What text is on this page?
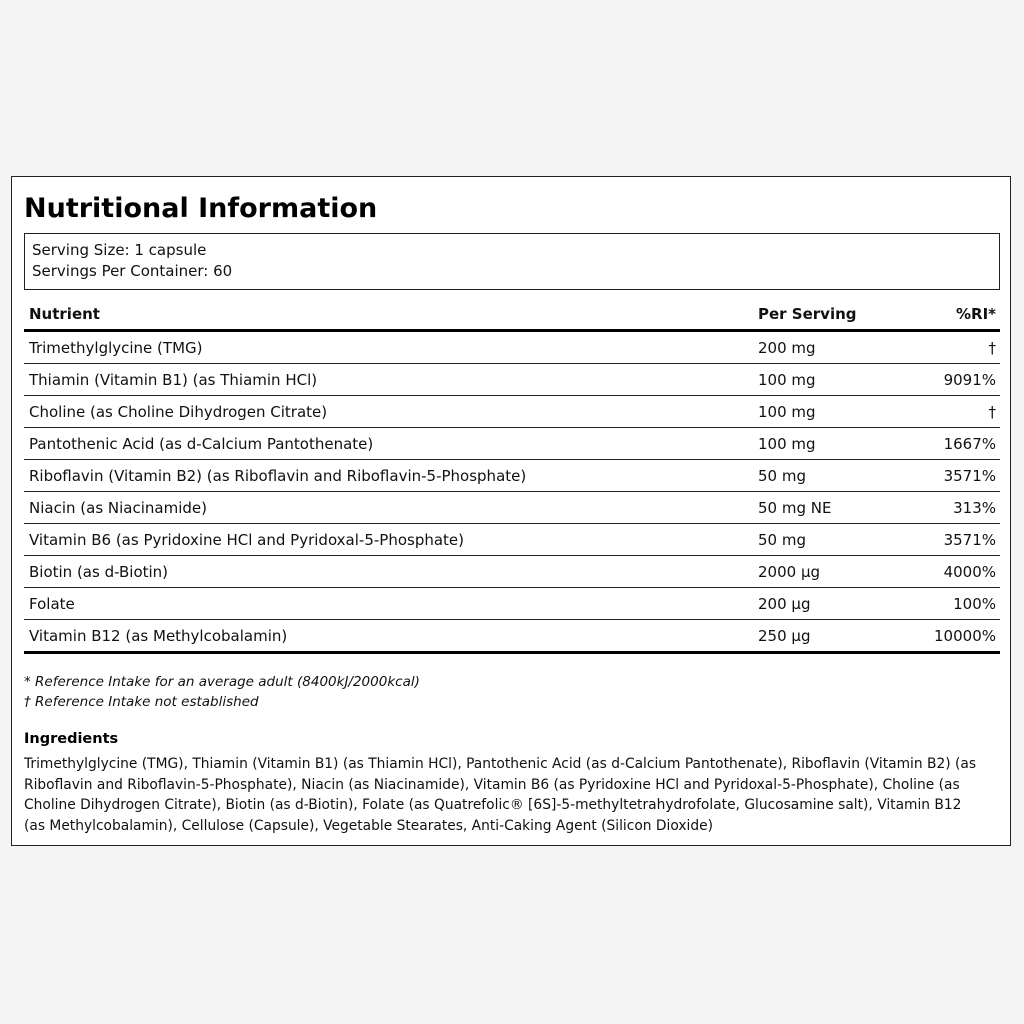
Nutritional Information
Serving Size: 1 capsule
Servings Per Container: 60
Nutrient	Per Serving	%RI*
Trimethylglycine (TMG)	200 mg	†
Thiamin (Vitamin B1) (as Thiamin HCl)	100 mg	9091%
Choline (as Choline Dihydrogen Citrate)	100 mg	†
Pantothenic Acid (as d-Calcium Pantothenate)	100 mg	1667%
Riboflavin (Vitamin B2) (as Riboflavin and Riboflavin-5-Phosphate)	50 mg	3571%
Niacin (as Niacinamide)	50 mg NE	313%
Vitamin B6 (as Pyridoxine HCl and Pyridoxal-5-Phosphate)	50 mg	3571%
Biotin (as d-Biotin)	2000 µg	4000%
Folate	200 µg	100%
Vitamin B12 (as Methylcobalamin)	250 µg	10000%
* Reference Intake for an average adult (8400kJ/2000kcal)
† Reference Intake not established
Ingredients
Trimethylglycine (TMG), Thiamin (Vitamin B1) (as Thiamin HCl), Pantothenic Acid (as d-Calcium Pantothenate), Riboflavin (Vitamin B2) (as Riboflavin and Riboflavin-5-Phosphate), Niacin (as Niacinamide), Vitamin B6 (as Pyridoxine HCl and Pyridoxal-5-Phosphate), Choline (as Choline Dihydrogen Citrate), Biotin (as d-Biotin), Folate (as Quatrefolic® [6S]-5-methyltetrahydrofolate, Glucosamine salt), Vitamin B12 (as Methylcobalamin), Cellulose (Capsule), Vegetable Stearates, Anti-Caking Agent (Silicon Dioxide)
